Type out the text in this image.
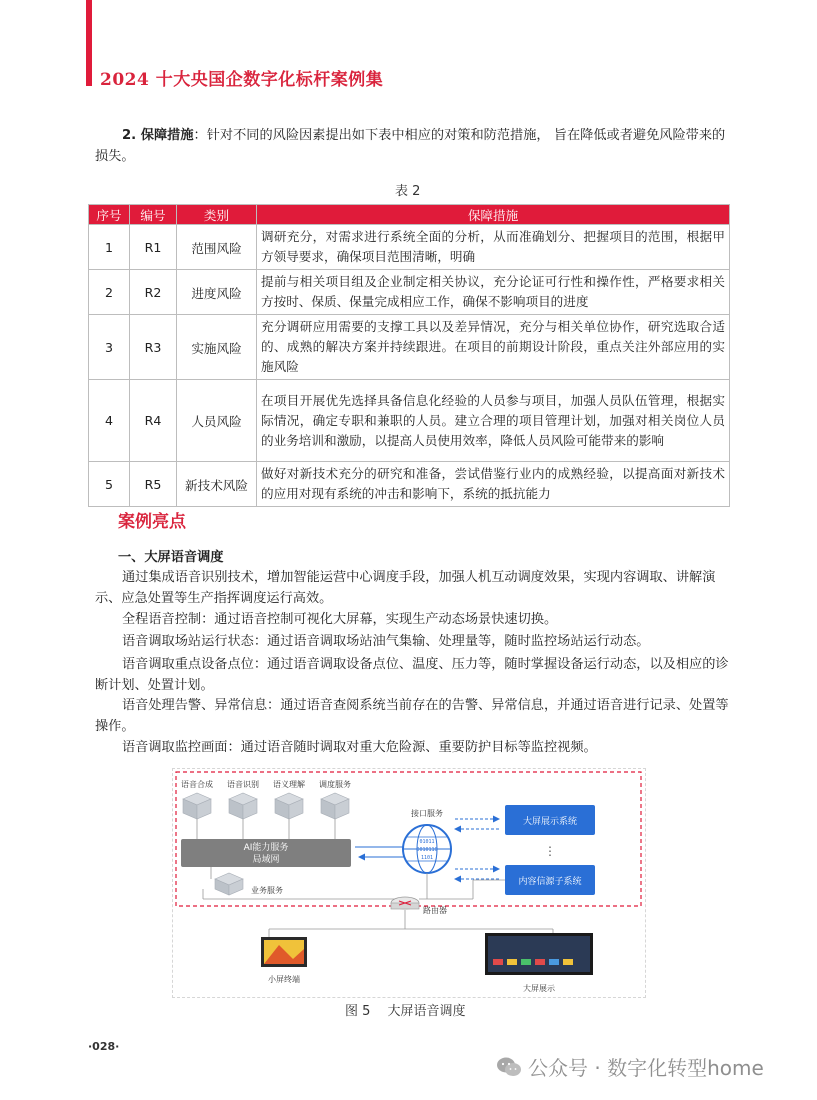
2024 十大央国企数字化标杆案例集
2. 保障措施：针对不同的风险因素提出如下表中相应的对策和防范措施， 旨在降低或者避免风险带来的损失。
表 2
序号	编号	类别	保障措施
1	R1	范围风险	调研充分，对需求进行系统全面的分析，从而准确划分、把握项目的范围，根据甲方领导要求，确保项目范围清晰，明确
2	R2	进度风险	提前与相关项目组及企业制定相关协议，充分论证可行性和操作性，严格要求相关方按时、保质、保量完成相应工作，确保不影响项目的进度
3	R3	实施风险	充分调研应用需要的支撑工具以及差异情况，充分与相关单位协作，研究选取合适的、成熟的解决方案并持续跟进。在项目的前期设计阶段，重点关注外部应用的实施风险
4	R4	人员风险	在项目开展优先选择具备信息化经验的人员参与项目，加强人员队伍管理，根据实际情况，确定专职和兼职的人员。建立合理的项目管理计划，加强对相关岗位人员的业务培训和激励，以提高人员使用效率，降低人员风险可能带来的影响
5	R5	新技术风险	做好对新技术充分的研究和准备，尝试借鉴行业内的成熟经验，以提高面对新技术的应用对现有系统的冲击和影响下，系统的抵抗能力
案例亮点
一、大屏语音调度
通过集成语音识别技术，增加智能运营中心调度手段，加强人机互动调度效果，实现内容调取、讲解演示、应急处置等生产指挥调度运行高效。
全程语音控制：通过语音控制可视化大屏幕，实现生产动态场景快速切换。
语音调取场站运行状态：通过语音调取场站油气集输、处理量等，随时监控场站运行动态。
语音调取重点设备点位：通过语音调取设备点位、温度、压力等，随时掌握设备运行动态，以及相应的诊断计划、处置计划。
语音处理告警、异常信息：通过语音查阅系统当前存在的告警、异常信息，并通过语音进行记录、处置等操作。
语音调取监控画面：通过语音随时调取对重大危险源、重要防护目标等监控视频。
语音合成 语音识别 语义理解 调度服务
AI能力服务
局域网
业务服务
接口服务
01011
0010110
1101
大屏展示系统
⋮
内容信源子系统
路由器
小屏终端
大屏展示
图 5 　大屏语音调度
·028·
公众号 · 数字化转型home
